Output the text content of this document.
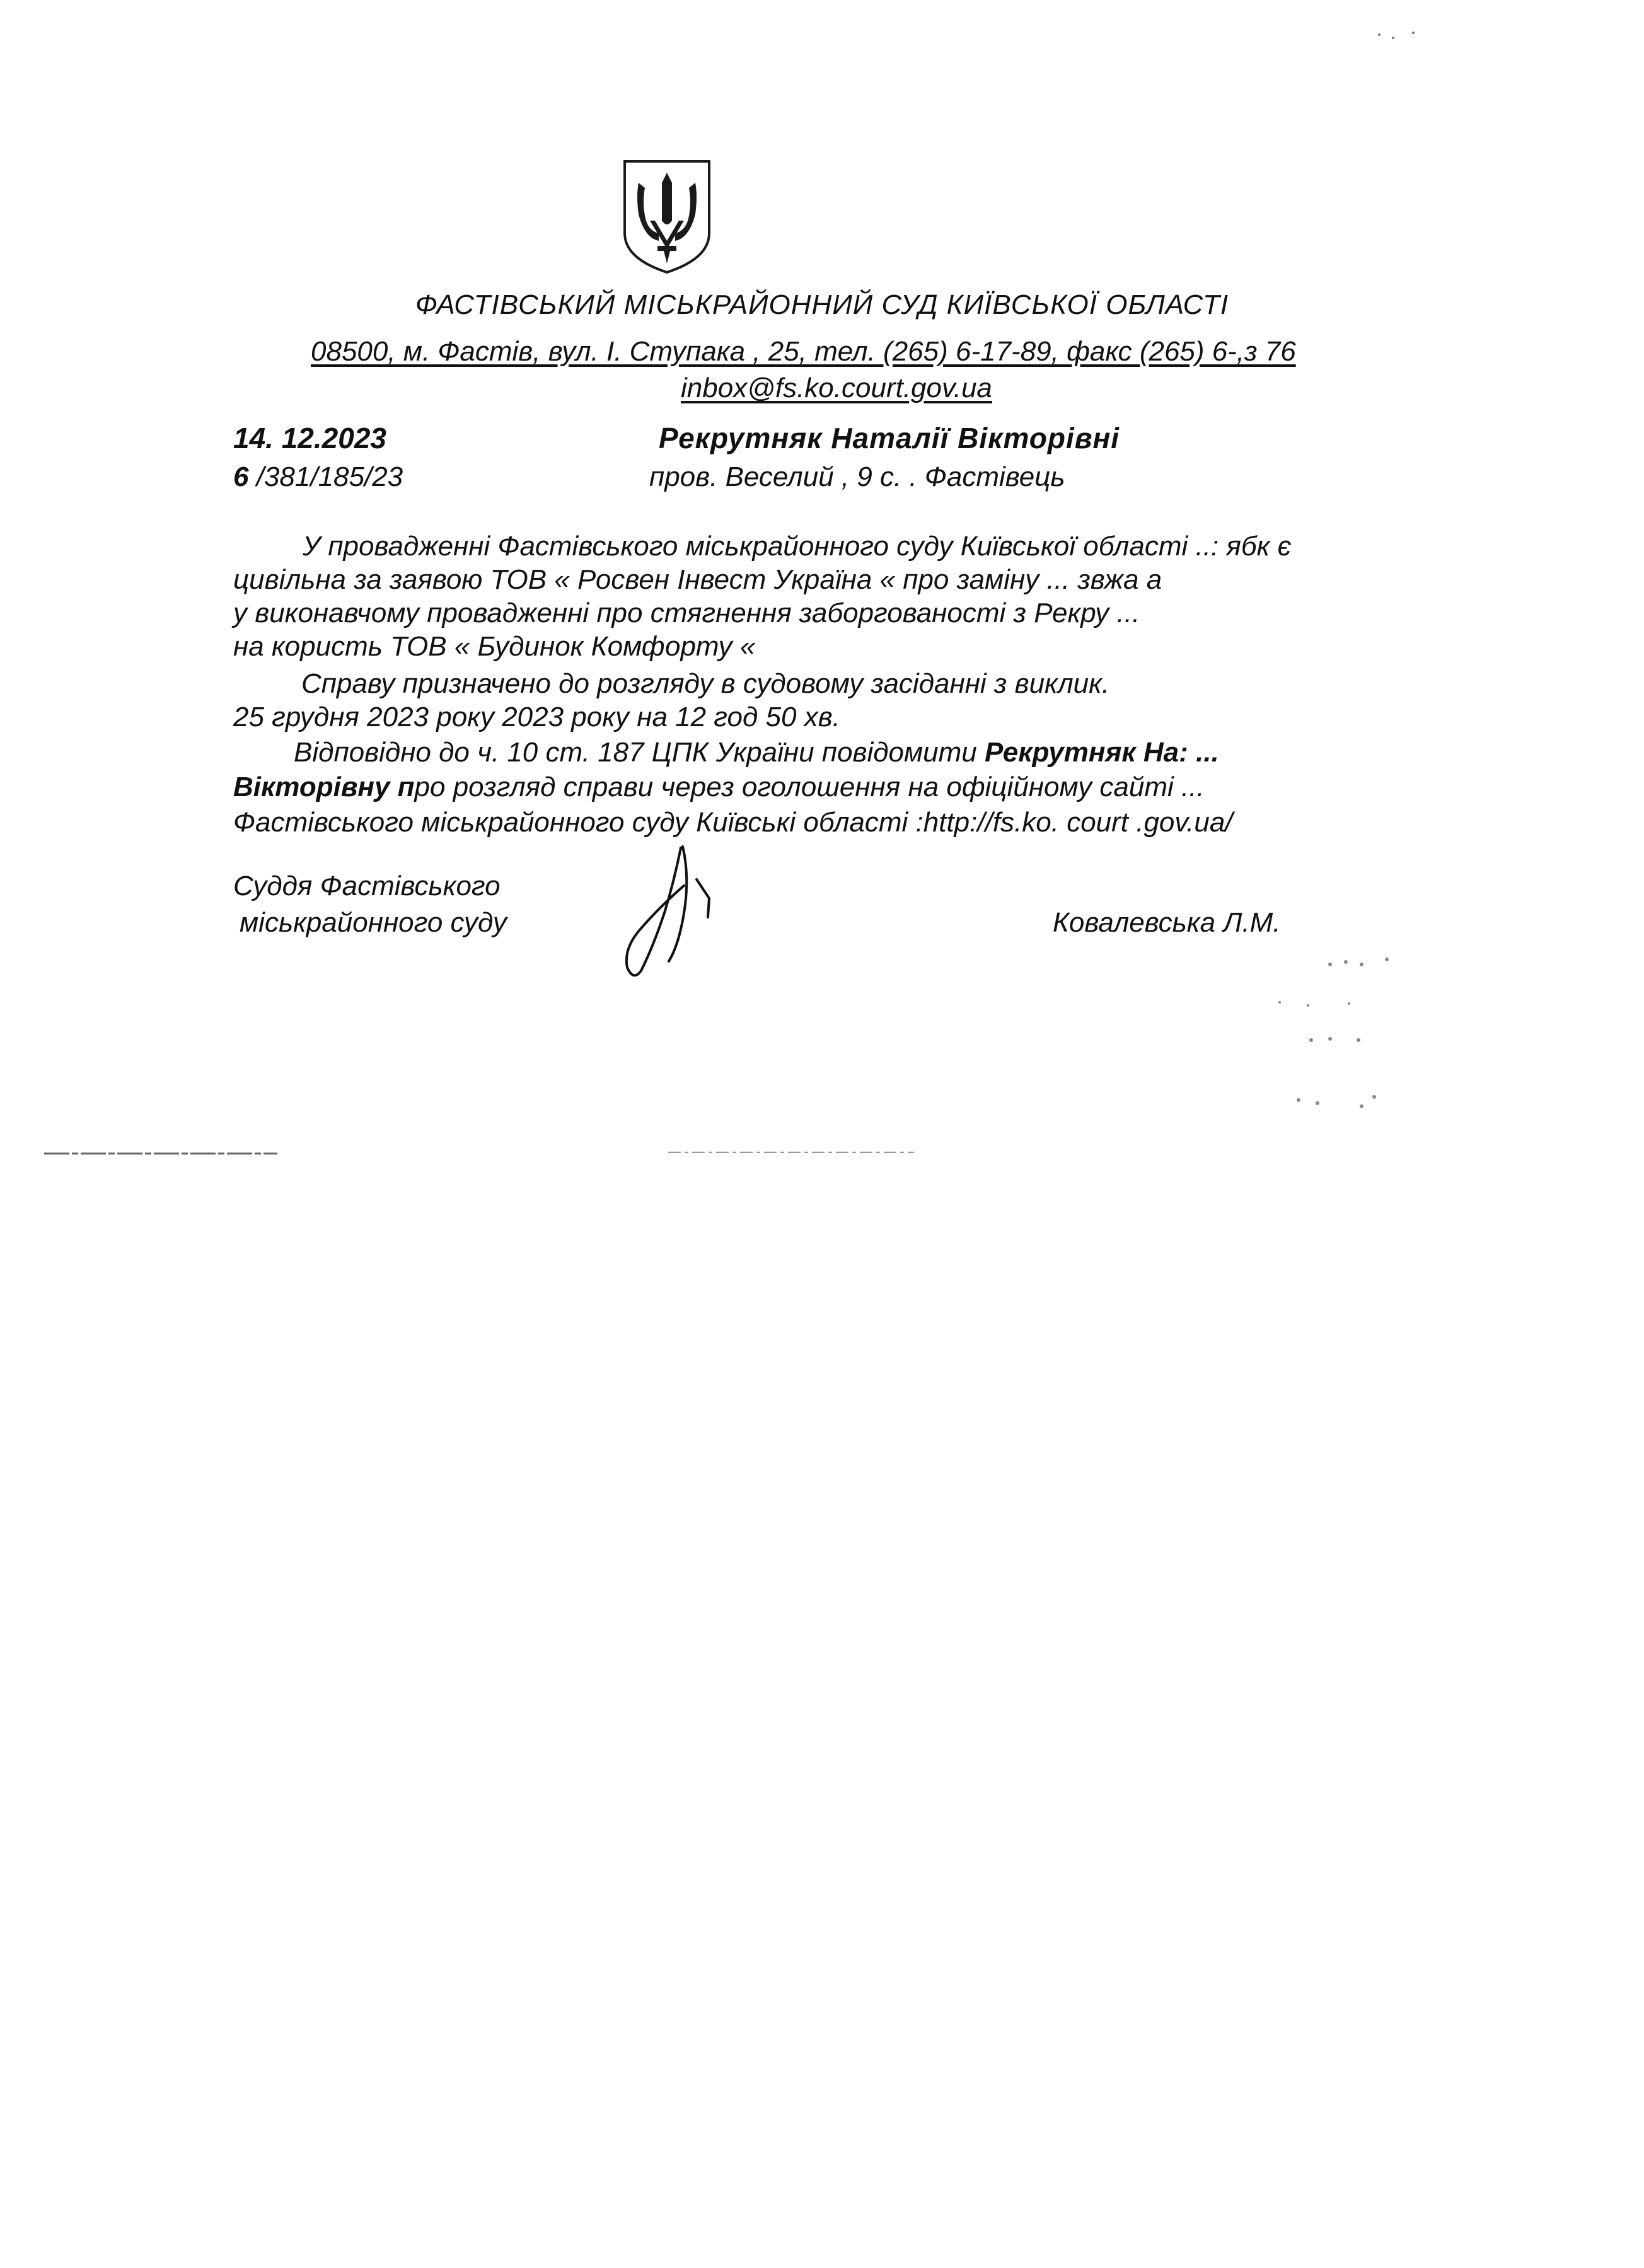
ФАСТІВСЬКИЙ МІСЬКРАЙОННИЙ СУД КИЇВСЬКОЇ ОБЛАСТІ
08500, м. Фастів, вул. І. Ступака , 25, тел. (265) 6-17-89, факс (265) 6-,з 76
inbox@fs.ko.court.gov.ua
14. 12.2023
6 /381/185/23
Рекрутняк Наталії Вікторівні
пров. Веселий , 9 с. . Фастівець
У провадженні Фастівського міськрайонного суду Київської області ..: ябк є
цивільна за заявою ТОВ « Росвен Інвест Україна « про заміну ... звжа а
у виконавчому провадженні про стягнення заборгованості з Рекру ...
на користь ТОВ « Будинок Комфорту «
Справу призначено до розгляду в судовому засіданні з виклик.
25 грудня 2023 року 2023 року на 12 год 50 хв.
Відповідно до ч. 10 ст. 187 ЦПК України повідомити Рекрутняк На: ...
Вікторівну про розгляд справи через оголошення на офіційному сайті ...
Фастівського міськрайонного суду Київські області :http://fs.ko. court .gov.ua/
Суддя Фастівського
міськрайонного суду	Ковалевська Л.М.
